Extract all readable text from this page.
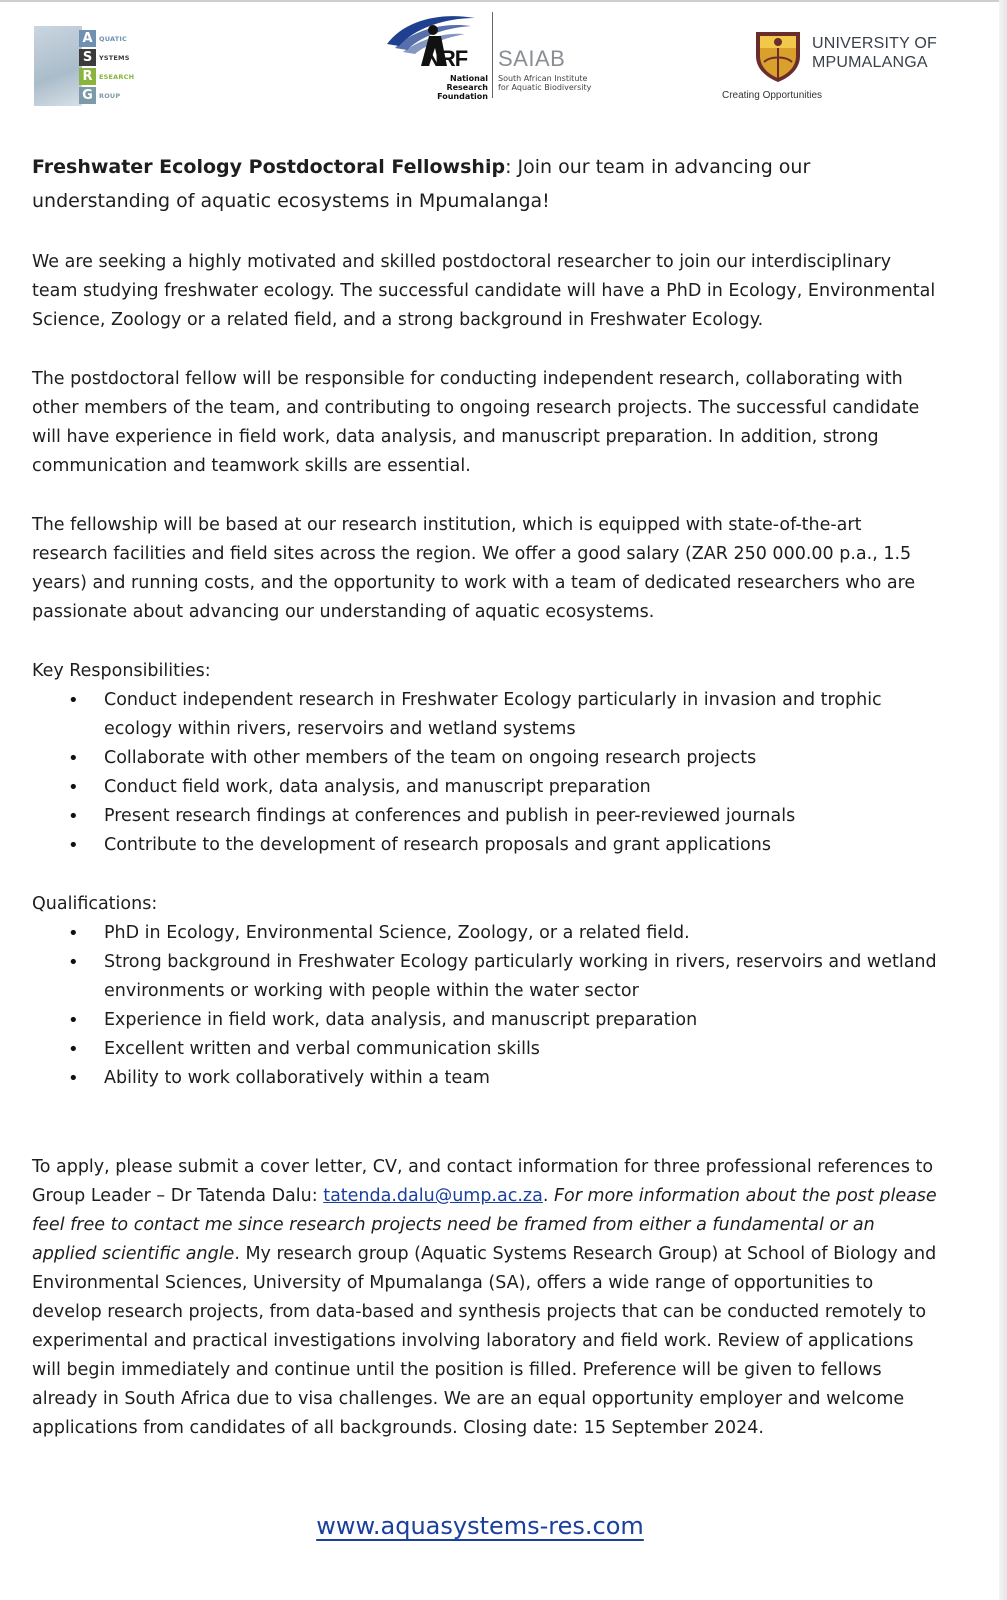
A QUATIC
S	YSTEMS
R	ESEARCH
G ROUP
NRF
National Research
Foundation
SAIAB
South African Institute
for Aquatic Biodiversity
UNIVERSITY OF
MPUMALANGA
Creating Opportunities

Freshwater Ecology Postdoctoral Fellowship: Join our team in advancing our understanding of aquatic ecosystems in Mpumalanga!

We are seeking a highly motivated and skilled postdoctoral researcher to join our interdisciplinary team studying freshwater ecology. The successful candidate will have a PhD in Ecology, Environmental Science, Zoology or a related field, and a strong background in Freshwater Ecology.

The postdoctoral fellow will be responsible for conducting independent research, collaborating with other members of the team, and contributing to ongoing research projects. The successful candidate will have experience in field work, data analysis, and manuscript preparation. In addition, strong communication and teamwork skills are essential.

The fellowship will be based at our research institution, which is equipped with state-of-the-art research facilities and field sites across the region. We offer a good salary (ZAR 250 000.00 p.a., 1.5 years) and running costs, and the opportunity to work with a team of dedicated researchers who are passionate about advancing our understanding of aquatic ecosystems.

Key Responsibilities:
• Conduct independent research in Freshwater Ecology particularly in invasion and trophic ecology within rivers, reservoirs and wetland systems
• Collaborate with other members of the team on ongoing research projects
• Conduct field work, data analysis, and manuscript preparation
• Present research findings at conferences and publish in peer-reviewed journals
• Contribute to the development of research proposals and grant applications
Qualifications:
• PhD in Ecology, Environmental Science, Zoology, or a related field.
• Strong background in Freshwater Ecology particularly working in rivers, reservoirs and wetland environments or working with people within the water sector
• Experience in field work, data analysis, and manuscript preparation
• Excellent written and verbal communication skills
• Ability to work collaboratively within a team

To apply, please submit a cover letter, CV, and contact information for three professional references to Group Leader – Dr Tatenda Dalu: tatenda.dalu@ump.ac.za. For more information about the post please feel free to contact me since research projects need be framed from either a fundamental or an applied scientific angle. My research group (Aquatic Systems Research Group) at School of Biology and Environmental Sciences, University of Mpumalanga (SA), offers a wide range of opportunities to develop research projects, from data-based and synthesis projects that can be conducted remotely to experimental and practical investigations involving laboratory and field work. Review of applications will begin immediately and continue until the position is filled. Preference will be given to fellows already in South Africa due to visa challenges. We are an equal opportunity employer and welcome applications from candidates of all backgrounds. Closing date: 15 September 2024.

www.aquasystems-res.com
